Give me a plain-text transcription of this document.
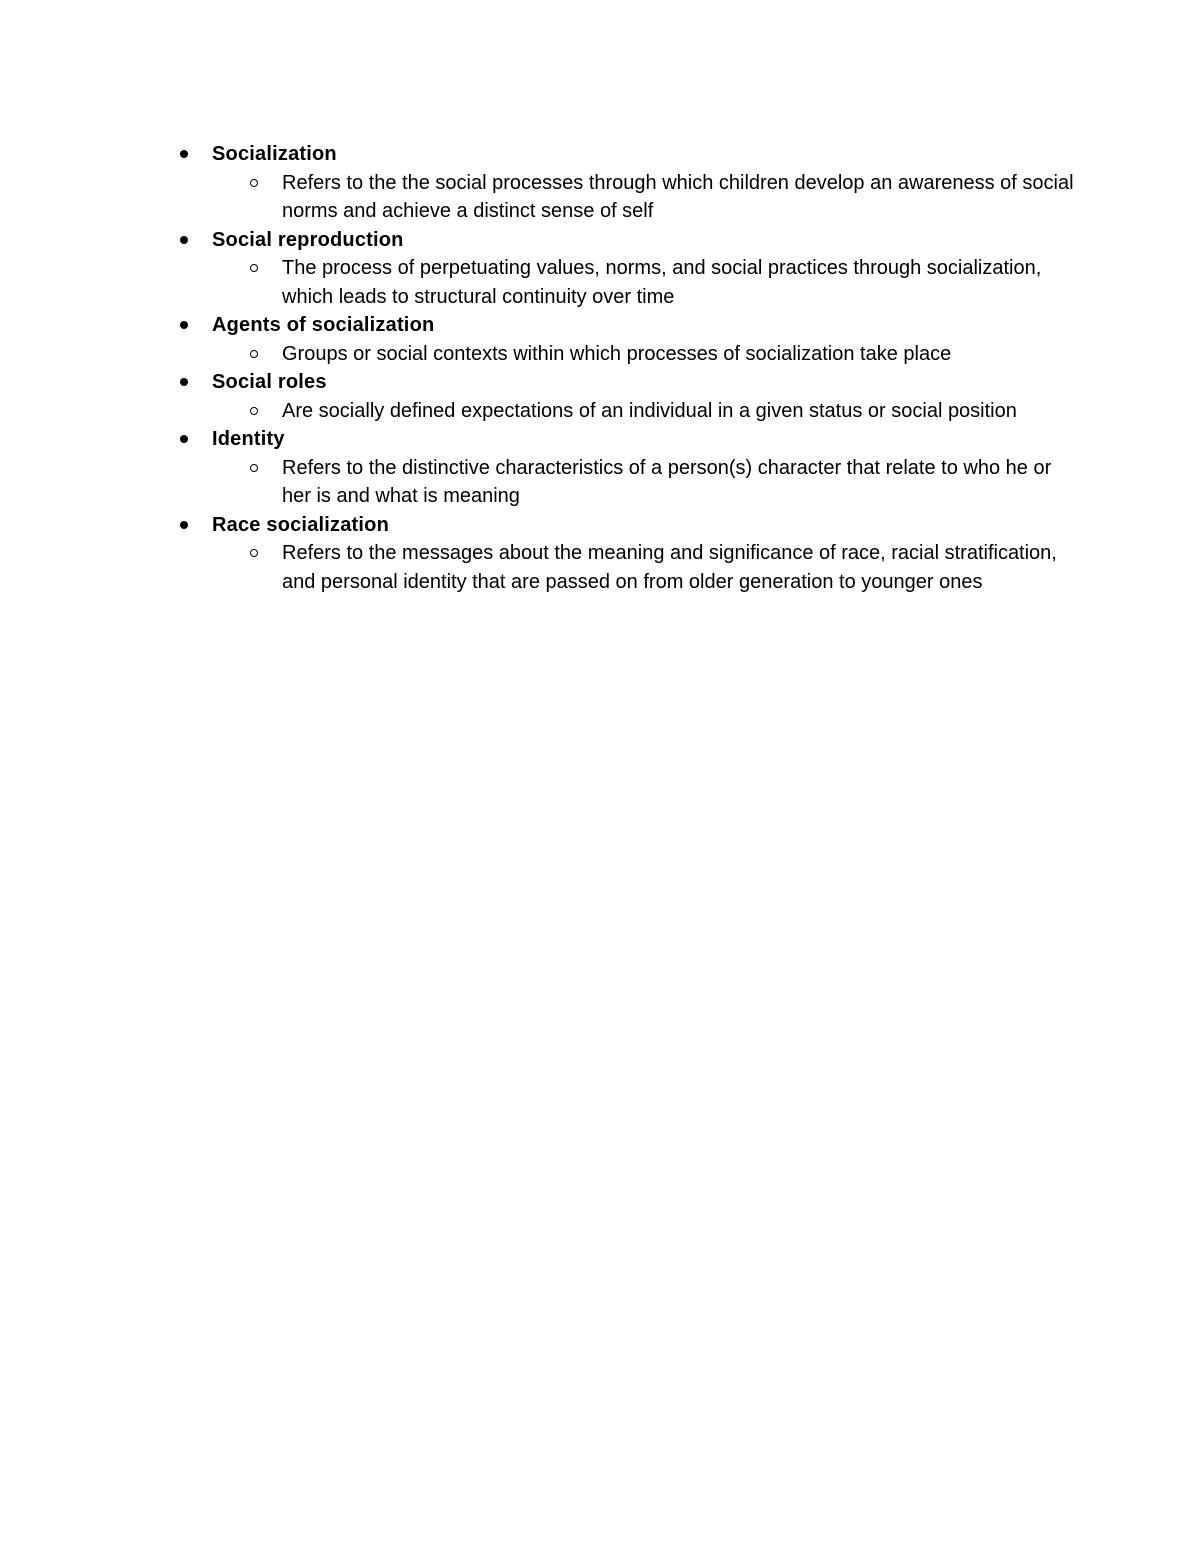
Socialization
Refers to the the social processes through which children develop an awareness of social norms and achieve a distinct sense of self
Social reproduction
The process of perpetuating values, norms, and social practices through socialization, which leads to structural continuity over time
Agents of socialization
Groups or social contexts within which processes of socialization take place
Social roles
Are socially defined expectations of an individual in a given status or social position
Identity
Refers to the distinctive characteristics of a person(s) character that relate to who he or her is and what is meaning
Race socialization
Refers to the messages about the meaning and significance of race, racial stratification,  and personal identity that are passed on from older generation to younger ones
